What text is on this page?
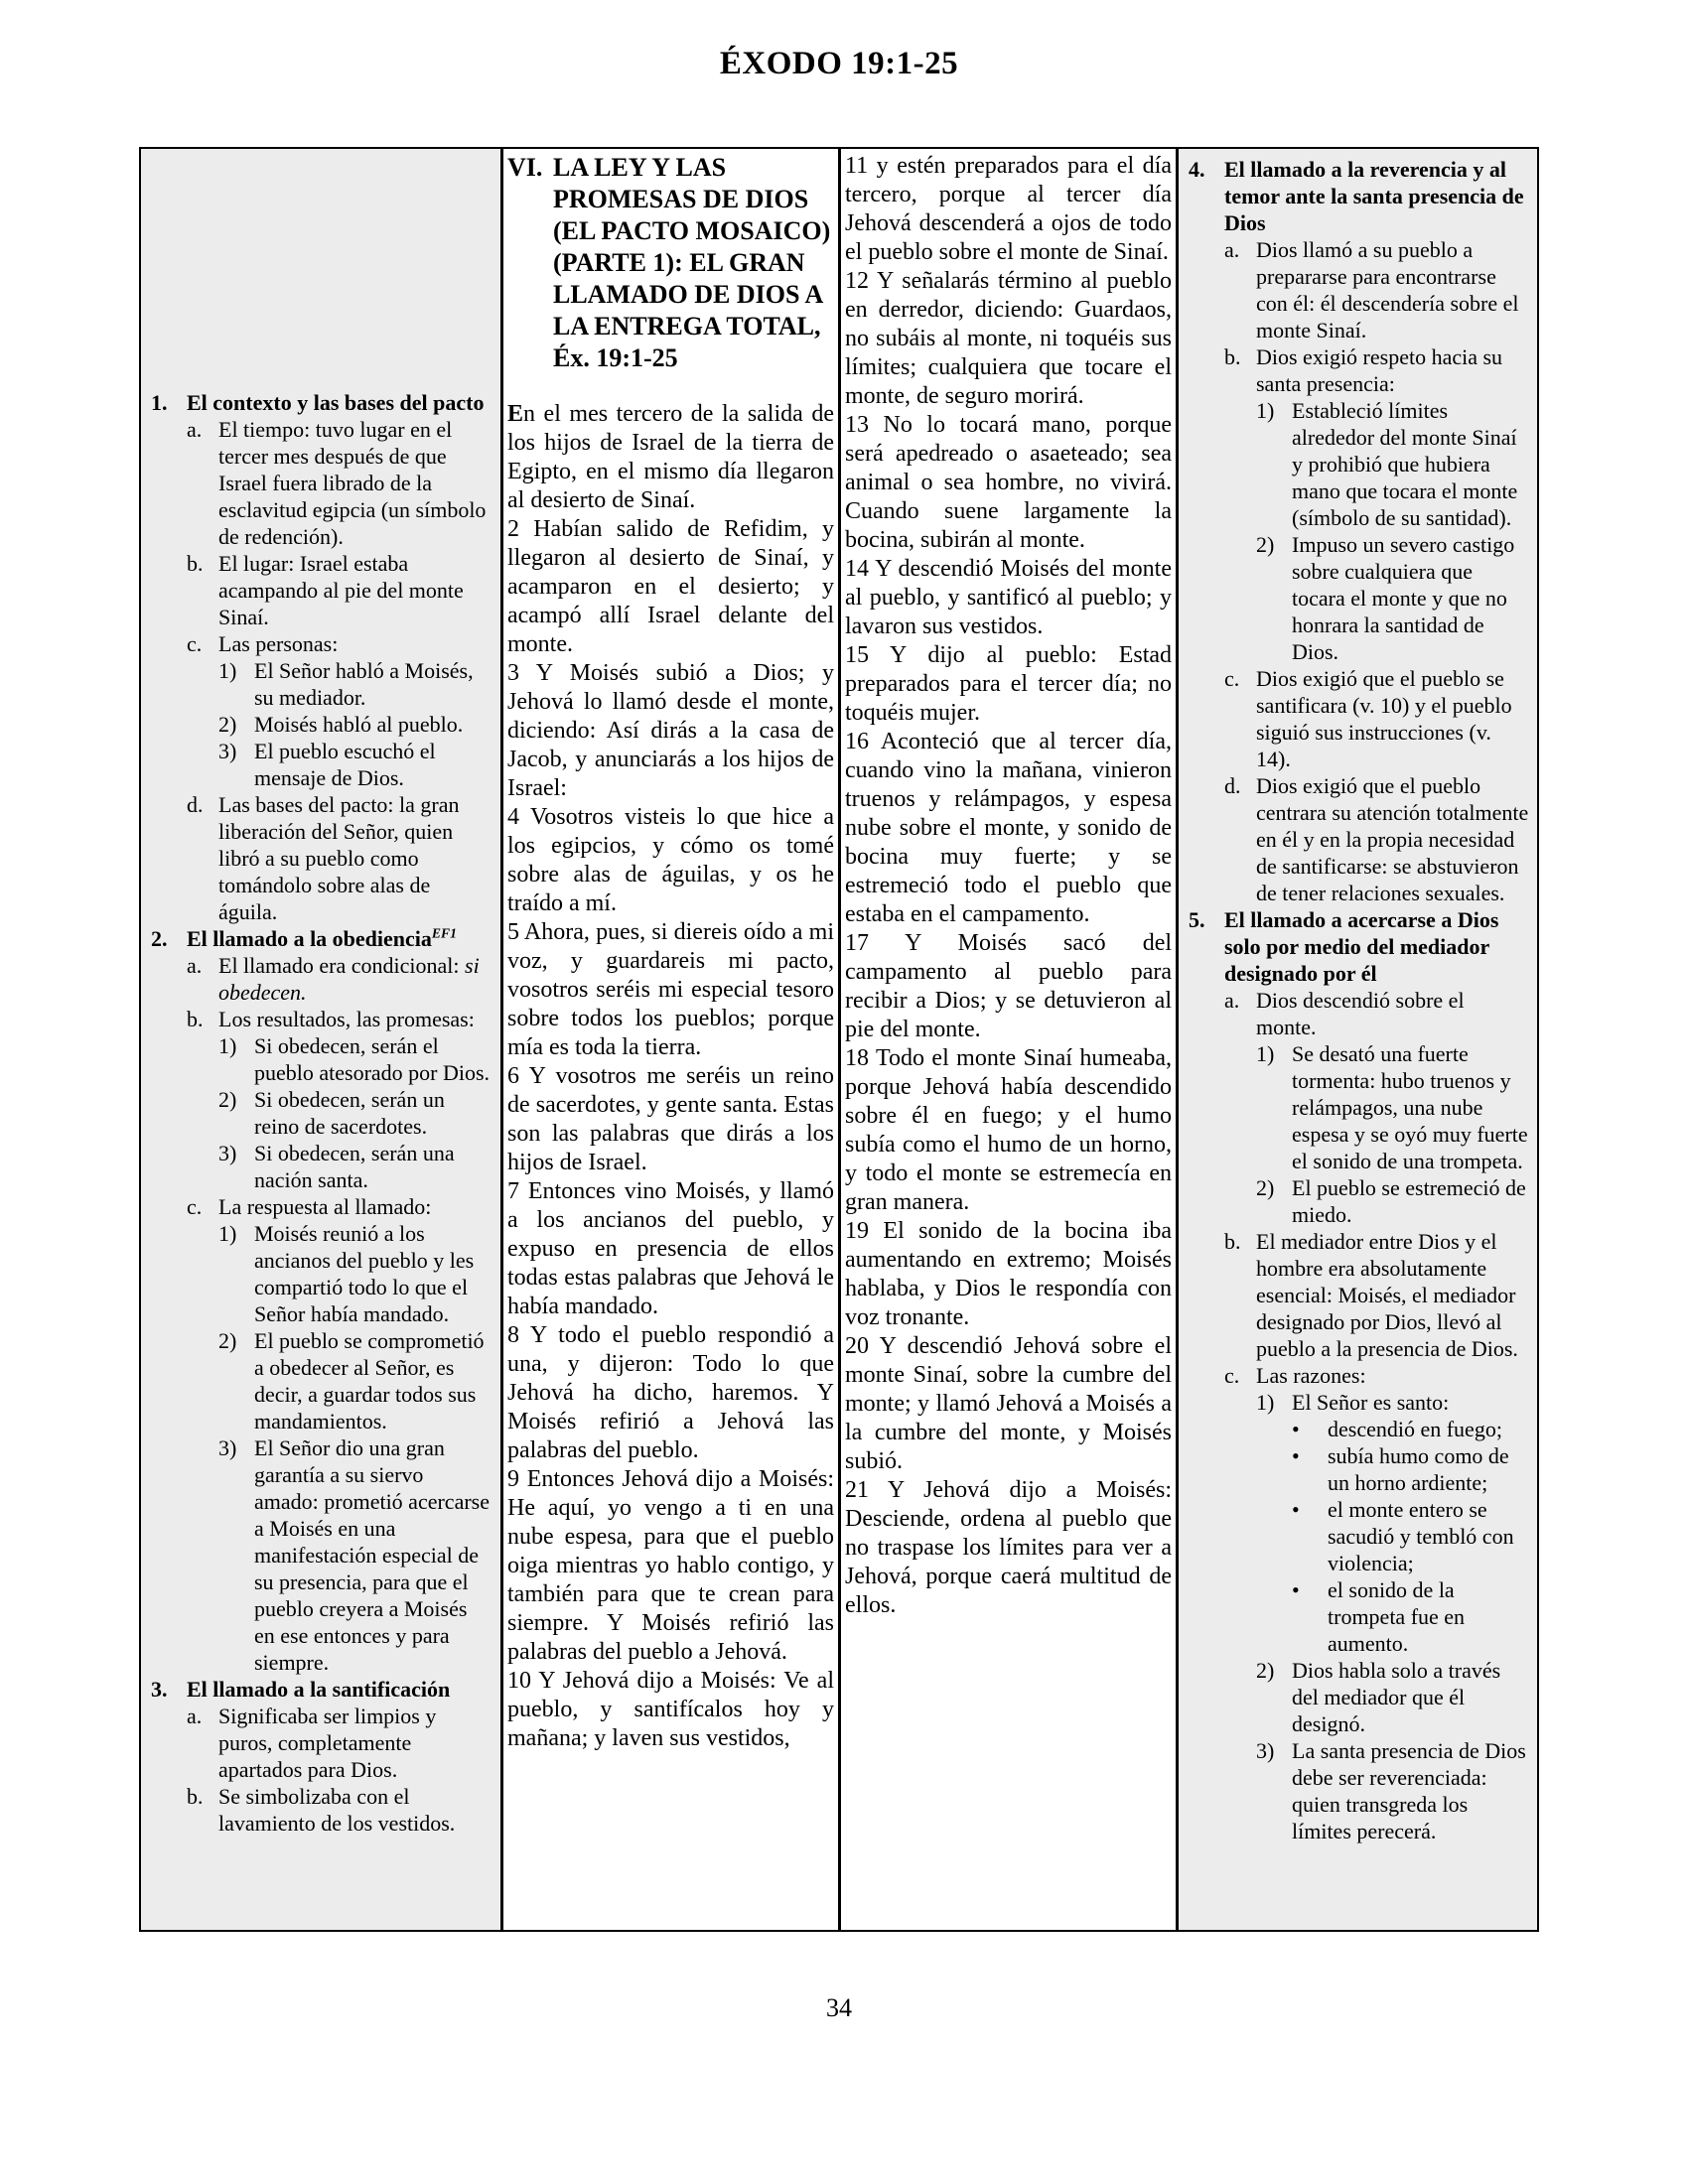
ÉXODO 19:1-25
1. El contexto y las bases del pacto
a. El tiempo: tuvo lugar en el tercer mes después de que Israel fuera librado de la esclavitud egipcia (un símbolo de redención).
b. El lugar: Israel estaba acampando al pie del monte Sinaí.
c. Las personas:
1) El Señor habló a Moisés, su mediador.
2) Moisés habló al pueblo.
3) El pueblo escuchó el mensaje de Dios.
d. Las bases del pacto: la gran liberación del Señor, quien libró a su pueblo como tomándolo sobre alas de águila.
2. El llamado a la obediencia$^{EF1}$
a. El llamado era condicional: si obedecen.
b. Los resultados, las promesas:
1) Si obedecen, serán el pueblo atesorado por Dios.
2) Si obedecen, serán un reino de sacerdotes.
3) Si obedecen, serán una nación santa.
c. La respuesta al llamado:
1) Moisés reunió a los ancianos del pueblo y les compartió todo lo que el Señor había mandado.
2) El pueblo se comprometió a obedecer al Señor, es decir, a guardar todos sus mandamientos.
3) El Señor dio una gran garantía a su siervo amado: prometió acercarse a Moisés en una manifestación especial de su presencia, para que el pueblo creyera a Moisés en ese entonces y para siempre.
3. El llamado a la santificación
a. Significaba ser limpios y puros, completamente apartados para Dios.
b. Se simbolizaba con el lavamiento de los vestidos.
VI. LA LEY Y LAS PROMESAS DE DIOS (EL PACTO MOSAICO) (PARTE 1): EL GRAN LLAMADO DE DIOS A LA ENTREGA TOTAL, Éx. 19:1-25

En el mes tercero de la salida de los hijos de Israel de la tierra de Egipto, en el mismo día llegaron al desierto de Sinaí.

2 Habían salido de Refidim, y llegaron al desierto de Sinaí, y acamparon en el desierto; y acampó allí Israel delante del monte.

3 Y Moisés subió a Dios; y Jehová lo llamó desde el monte, diciendo: Así dirás a la casa de Jacob, y anunciarás a los hijos de Israel:

4 Vosotros visteis lo que hice a los egipcios, y cómo os tomé sobre alas de águilas, y os he traído a mí.

5 Ahora, pues, si diereis oído a mi voz, y guardareis mi pacto, vosotros seréis mi especial tesoro sobre todos los pueblos; porque mía es toda la tierra.

6 Y vosotros me seréis un reino de sacerdotes, y gente santa. Estas son las palabras que dirás a los hijos de Israel.

7 Entonces vino Moisés, y llamó a los ancianos del pueblo, y expuso en presencia de ellos todas estas palabras que Jehová le había mandado.

8 Y todo el pueblo respondió a una, y dijeron: Todo lo que Jehová ha dicho, haremos. Y Moisés refirió a Jehová las palabras del pueblo.

9 Entonces Jehová dijo a Moisés: He aquí, yo vengo a ti en una nube espesa, para que el pueblo oiga mientras yo hablo contigo, y también para que te crean para siempre. Y Moisés refirió las palabras del pueblo a Jehová.

10 Y Jehová dijo a Moisés: Ve al pueblo, y santifícalos hoy y mañana; y laven sus vestidos,

11 y estén preparados para el día tercero, porque al tercer día Jehová descenderá a ojos de todo el pueblo sobre el monte de Sinaí.

12 Y señalarás término al pueblo en derredor, diciendo: Guardaos, no subáis al monte, ni toquéis sus límites; cualquiera que tocare el monte, de seguro morirá.

13 No lo tocará mano, porque será apedreado o asaeteado; sea animal o sea hombre, no vivirá. Cuando suene largamente la bocina, subirán al monte.

14 Y descendió Moisés del monte al pueblo, y santificó al pueblo; y lavaron sus vestidos.

15 Y dijo al pueblo: Estad preparados para el tercer día; no toquéis mujer.

16 Aconteció que al tercer día, cuando vino la mañana, vinieron truenos y relámpagos, y espesa nube sobre el monte, y sonido de bocina muy fuerte; y se estremeció todo el pueblo que estaba en el campamento.

17 Y Moisés sacó del campamento al pueblo para recibir a Dios; y se detuvieron al pie del monte.

18 Todo el monte Sinaí humeaba, porque Jehová había descendido sobre él en fuego; y el humo subía como el humo de un horno, y todo el monte se estremecía en gran manera.

19 El sonido de la bocina iba aumentando en extremo; Moisés hablaba, y Dios le respondía con voz tronante.

20 Y descendió Jehová sobre el monte Sinaí, sobre la cumbre del monte; y llamó Jehová a Moisés a la cumbre del monte, y Moisés subió.

21 Y Jehová dijo a Moisés: Desciende, ordena al pueblo que no traspase los límites para ver a Jehová, porque caerá multitud de ellos.

4. El llamado a la reverencia y al temor ante la santa presencia de Dios
a. Dios llamó a su pueblo a prepararse para encontrarse con él: él descendería sobre el monte Sinaí.
b. Dios exigió respeto hacia su santa presencia:
1) Estableció límites alrededor del monte Sinaí y prohibió que hubiera mano que tocara el monte (símbolo de su santidad).
2) Impuso un severo castigo sobre cualquiera que tocara el monte y que no honrara la santidad de Dios.
c. Dios exigió que el pueblo se santificara (v. 10) y el pueblo siguió sus instrucciones (v. 14).
d. Dios exigió que el pueblo centrara su atención totalmente en él y en la propia necesidad de santificarse: se abstuvieron de tener relaciones sexuales.
5. El llamado a acercarse a Dios solo por medio del mediador designado por él
a. Dios descendió sobre el monte.
1) Se desató una fuerte tormenta: hubo truenos y relámpagos, una nube espesa y se oyó muy fuerte el sonido de una trompeta.
2) El pueblo se estremeció de miedo.
b. El mediador entre Dios y el hombre era absolutamente esencial: Moisés, el mediador designado por Dios, llevó al pueblo a la presencia de Dios.
c. Las razones:
1) El Señor es santo:
•	descendió en fuego;
•	subía humo como de un horno ardiente;
•	el monte entero se sacudió y tembló con violencia;
•	el sonido de la trompeta fue en aumento.
2) Dios habla solo a través del mediador que él designó.
3) La santa presencia de Dios debe ser reverenciada: quien transgreda los límites perecerá.
34
